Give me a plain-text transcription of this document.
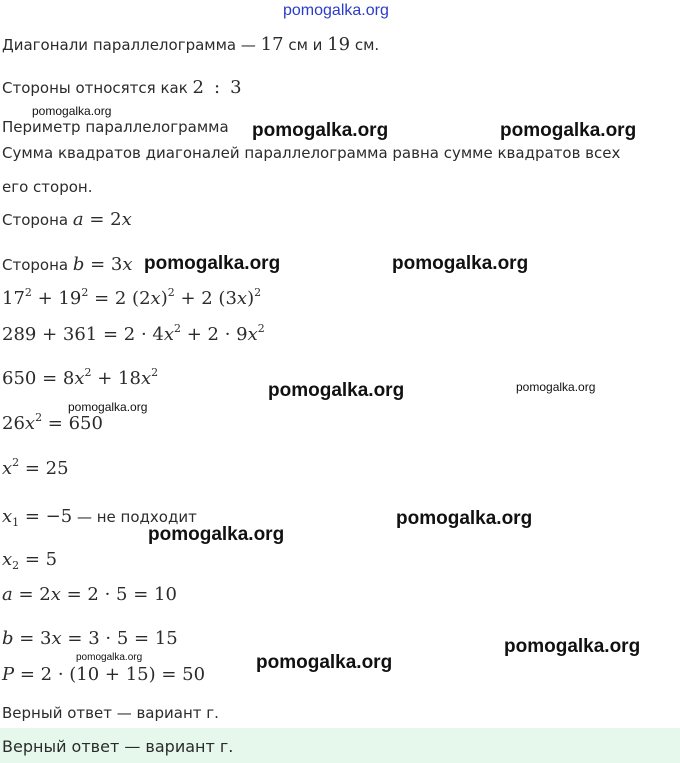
pomogalka.org
Диагонали параллелограмма — 17 см и 19 см.
Стороны относятся как 2 : 3
pomogalka.org
Периметр параллелограмма pomogalka.org	pomogalka.org
Сумма квадратов диагоналей параллелограмма равна сумме квадратов всех
его сторон.
Сторона a = 2x
Сторона b = 3x pomogalka.org	pomogalka.org
$17^2 + 19^2 = 2$ $(2x)^2 + 2$ $(3x)^2$
$289 + 361 = 2 \cdot 4x^2 + 2 \cdot 9x^2$
$650 = 8x^2 + 18x^2$
pomogalka.org	pomogalka.org
pomogalka.org
$26x^2 = 650$
$x^2 = 25$
$x_1 = -5$ — не подходит	pomogalka.org
pomogalka.org
$x_2 = 5$
a = 2x = 2 · 5 = 10
b = 3x = 3 · 5 = 15	pomogalka.org
pomogalka.org	pomogalka.org
P = 2 · (10 + 15) = 50
Верный ответ — вариант г.
Верный ответ — вариант г.
